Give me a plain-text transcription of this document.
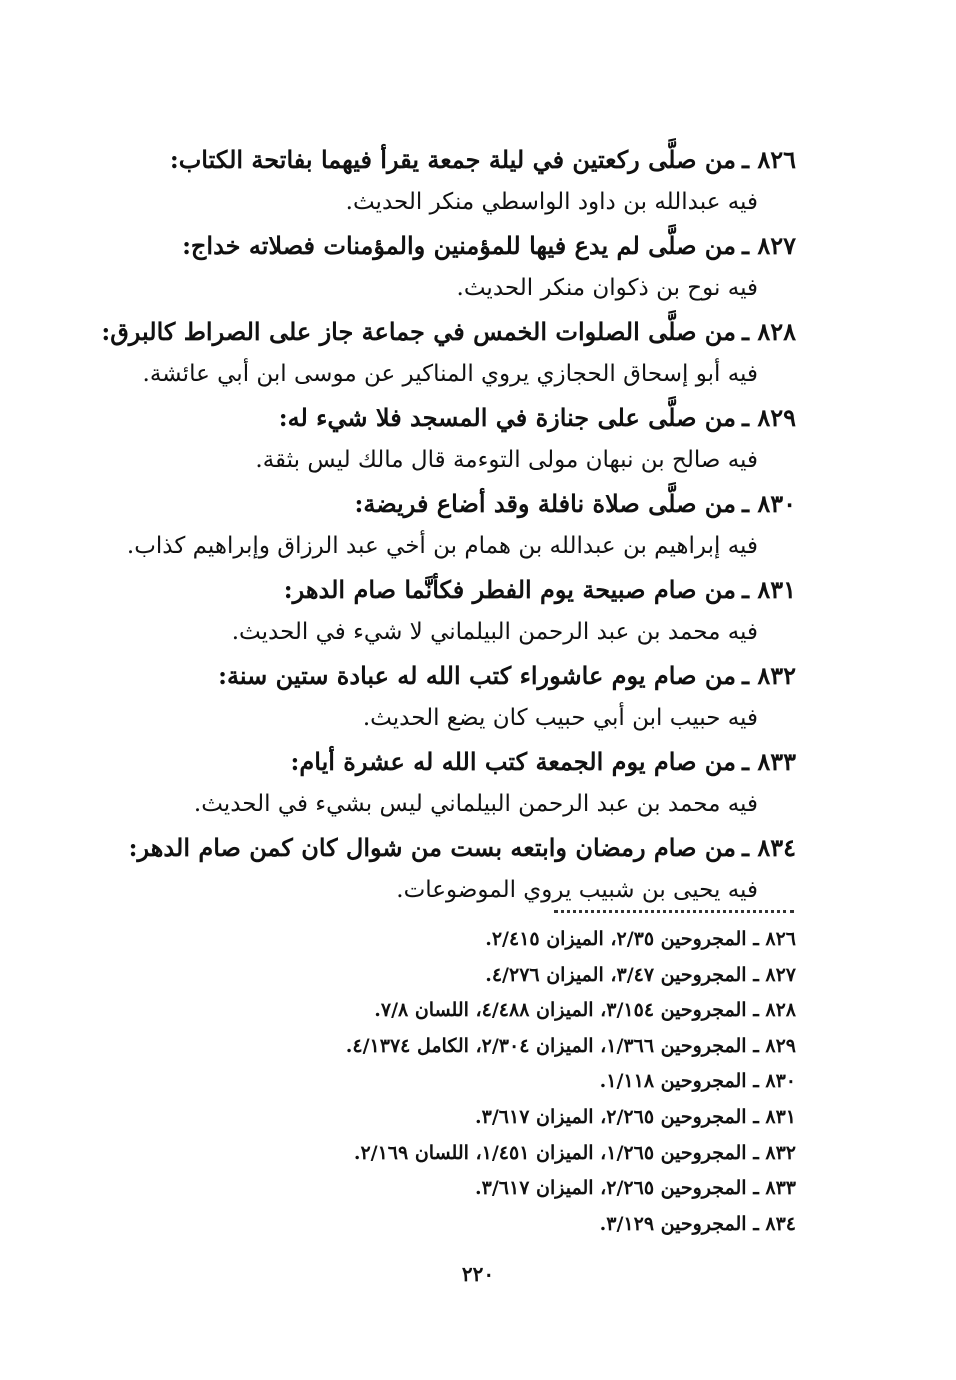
٨٢٦ ـمن صلَّى ركعتين في ليلة جمعة يقرأ فيهما بفاتحة الكتاب:
فيه عبدالله بن داود الواسطي منكر الحديث.
٨٢٧ ـمن صلَّى لم يدع فيها للمؤمنين والمؤمنات فصلاته خداج:
فيه نوح بن ذكوان منكر الحديث.
٨٢٨ ـمن صلَّى الصلوات الخمس في جماعة جاز على الصراط كالبرق:
فيه أبو إسحاق الحجازي يروي المناكير عن موسى ابن أبي عائشة.
٨٢٩ ـمن صلَّى على جنازة في المسجد فلا شيء له:
فيه صالح بن نبهان مولى التوءمة قال مالك ليس بثقة.
٨٣٠ ـمن صلَّى صلاة نافلة وقد أضاع فريضة:
فيه إبراهيم بن عبدالله بن همام بن أخي عبد الرزاق وإبراهيم كذاب.
٨٣١ ـمن صام صبيحة يوم الفطر فكأنَّما صام الدهر:
فيه محمد بن عبد الرحمن البيلماني لا شيء في الحديث.
٨٣٢ ـمن صام يوم عاشوراء كتب الله له عبادة ستين سنة:
فيه حبيب ابن أبي حبيب كان يضع الحديث.
٨٣٣ ـمن صام يوم الجمعة كتب الله له عشرة أيام:
فيه محمد بن عبد الرحمن البيلماني ليس بشيء في الحديث.
٨٣٤ ـمن صام رمضان وابتعه بست من شوال كان كمن صام الدهر:
فيه يحيى بن شبيب يروي الموضوعات.
٨٢٦ ـ المجروحين ٢/٣٥، الميزان ٢/٤١٥.
٨٢٧ ـ المجروحين ٣/٤٧، الميزان ٤/٢٧٦.
٨٢٨ ـ المجروحين ٣/١٥٤، الميزان ٤/٤٨٨، اللسان ٧/٨.
٨٢٩ ـ المجروحين ١/٣٦٦، الميزان ٢/٣٠٤، الكامل ٤/١٣٧٤.
٨٣٠ ـ المجروحين ١/١١٨.
٨٣١ ـ المجروحين ٢/٢٦٥، الميزان ٣/٦١٧.
٨٣٢ ـ المجروحين ١/٢٦٥، الميزان ١/٤٥١، اللسان ٢/١٦٩.
٨٣٣ ـ المجروحين ٢/٢٦٥، الميزان ٣/٦١٧.
٨٣٤ ـ المجروحين ٣/١٢٩.
٢٢٠
